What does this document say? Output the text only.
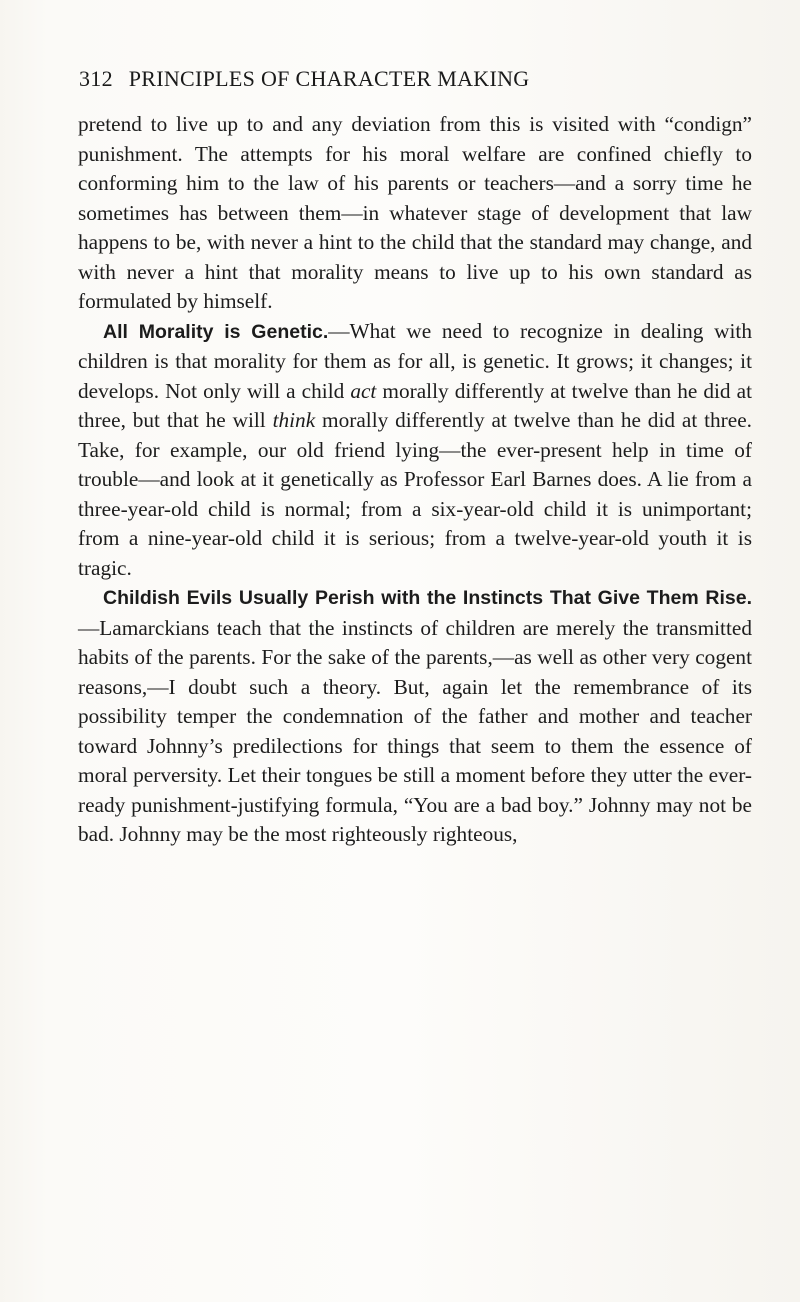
312 PRINCIPLES OF CHARACTER MAKING

pretend to live up to and any deviation from this is visited with “condign” punishment. The attempts for his moral welfare are confined chiefly to conforming him to the law of his parents or teachers—and a sorry time he sometimes has between them—in whatever stage of development that law happens to be, with never a hint to the child that the standard may change, and with never a hint that morality means to live up to his own standard as formulated by himself.

All Morality is Genetic.—What we need to recognize in dealing with children is that morality for them as for all, is genetic. It grows; it changes; it develops. Not only will a child act morally differently at twelve than he did at three, but that he will think morally differently at twelve than he did at three. Take, for example, our old friend lying—the ever-present help in time of trouble—and look at it genetically as Professor Earl Barnes does. A lie from a three-year-old child is normal; from a six-year-old child it is unimportant; from a nine-year-old child it is serious; from a twelve-year-old youth it is tragic.

Childish Evils Usually Perish with the Instincts That Give Them Rise.—Lamarckians teach that the instincts of children are merely the transmitted habits of the parents. For the sake of the parents,—as well as other very cogent reasons,—I doubt such a theory. But, again let the remembrance of its possibility temper the condemnation of the father and mother and teacher toward Johnny’s predilections for things that seem to them the essence of moral perversity. Let their tongues be still a moment before they utter the ever-ready punishment-justifying formula, “You are a bad boy.” Johnny may not be bad. Johnny may be the most righteously righteous,
